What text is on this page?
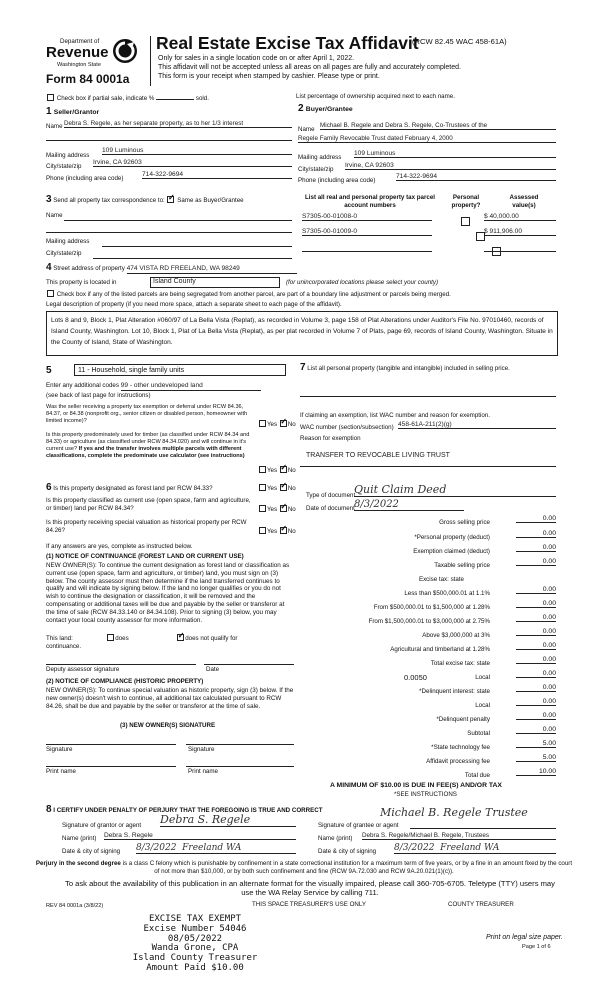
Department of
Revenue
Washington State
Form 84 0001a
Real Estate Excise Tax Affidavit
(RCW 82.45 WAC 458-61A)
Only for sales in a single location code on or after April 1, 2022.
This affidavit will not be accepted unless all areas on all pages are fully and accurately completed.
This form is your receipt when stamped by cashier. Please type or print.
Check box if partial sale, indicate %	sold.	List percentage of ownership acquired next to each name.
1 Seller/Grantor
Name Debra S. Regele, as her separate property, as to her 1/3 interest
Mailing address
109 Luminous
City/state/zip
Irvine, CA 92603
Phone (including area code)
714-322-9694
2 Buyer/Grantee
Name
Michael B. Regele and Debra S. Regele, Co-Trustees of the
Regele Family Revocable Trust dated February 4, 2000
Mailing address
109 Luminous
City/state/zip
Irvine, CA 92603
Phone (including area code)
714-322-9694
3 Send all property tax correspondence to: ✓ Same as Buyer/Grantee
Name
Mailing address
City/state/zip
List all real and personal property tax parcel account numbers
Personal property?
Assessed value(s)
S7305-00-01008-0
	$ 40,000.00
S7305-00-01009-0
	$ 911,906.00
4 Street address of property 474 VISTA RD FREELAND, WA 98249
This property is located in	Island County	(for unincorporated locations please select your county)
Check box if any of the listed parcels are being segregated from another parcel, are part of a boundary line adjustment or parcels being merged.
Legal description of property (if you need more space, attach a separate sheet to each page of the affidavit).
Lots 8 and 9, Block 1, Plat Alteration #060/97 of La Bella Vista (Replat), as recorded in Volume 3, page 158 of Plat Alterations under Auditor's File No. 97010460, records of Island County, Washington. Lot 10, Block 1, Plat of La Bella Vista (Replat), as per plat recorded in Volume 7 of Plats, page 69, records of Island County, Washington. Situate in the County of Island, State of Washington.
5	11 - Household, single family units
Enter any additional codes 99 - other undeveloped land
(see back of last page for instructions)
Was the seller receiving a property tax exemption or deferral under RCW 84.36, 84.37, or 84.38 (nonprofit org., senior citizen or disabled person, homeowner with limited income)?	Yes ✓ No
Is this property predominately used for timber (as classified under RCW 84.34 and 84.33) or agriculture (as classified under RCW 84.34.020) and will continue in it's current use? If yes and the transfer involves multiple parcels with different classifications, complete the predominate use calculator (see instructions)
Yes ✓ No
6 Is this property designated as forest land per RCW 84.33?	Yes ✓ No
Is this property classified as current use (open space, farm and agriculture, or timber) land per RCW 84.34?	Yes ✓ No
Is this property receiving special valuation as historical property per RCW 84.26?	Yes ✓ No
If any answers are yes, complete as instructed below.
(1) NOTICE OF CONTINUANCE (FOREST LAND OR CURRENT USE)
NEW OWNER(S): To continue the current designation as forest land or classification as current use (open space, farm and agriculture, or timber) land, you must sign on (3) below. The county assessor must then determine if the land transferred continues to qualify and will indicate by signing below. If the land no longer qualifies or you do not wish to continue the designation or classification, it will be removed and the compensating or additional taxes will be due and payable by the seller or transferor at the time of sale (RCW 84.33.140 or 84.34.108). Prior to signing (3) below, you may contact your local county assessor for more information.
This land:	does ✓	does not qualify for
continuance.
Deputy assessor signature	Date
(2) NOTICE OF COMPLIANCE (HISTORIC PROPERTY)
NEW OWNER(S): To continue special valuation as historic property, sign (3) below. If the new owner(s) doesn't wish to continue, all additional tax calculated pursuant to RCW 84.26, shall be due and payable by the seller or transferor at the time of sale.
(3) NEW OWNER(S) SIGNATURE
Signature	Signature
Print name	Print name
7 List all personal property (tangible and intangible) included in selling price.
If claiming an exemption, list WAC number and reason for exemption.
WAC number (section/subsection) 458-61A-211(2)(g)
Reason for exemption
TRANSFER TO REVOCABLE LIVING TRUST
Type of document
Quit Claim Deed
Date of document 8/3/2022
Gross selling price
0.00
*Personal property (deduct)
0.00
Exemption claimed (deduct)
0.00
Taxable selling price
0.00
Excise tax: state
Less than $500,000.01 at 1.1%
0.00
From $500,000.01 to $1,500,000 at 1.28%
0.00
From $1,500,000.01 to $3,000,000 at 2.75%
0.00
Above $3,000,000 at 3%
0.00
Agricultural and timberland at 1.28%
0.00
Total excise tax: state
0.00
0.0050	Local
0.00
*Delinquent interest: state
0.00
Local
0.00
*Delinquent penalty
0.00
Subtotal
0.00
*State technology fee
5.00
Affidavit processing fee
5.00
Total due
10.00
A MINIMUM OF $10.00 IS DUE IN FEE(S) AND/OR TAX
*SEE INSTRUCTIONS
8 I CERTIFY UNDER PENALTY OF PERJURY THAT THE FOREGOING IS TRUE AND CORRECT
Signature of grantor or agent Debra S. Regele
Name (print) Debra S. Regele
Date & city of signing 8/3/2022 Freeland WA
Michael B. Regele Trustee
Signature of grantee or agent
Name (print) Debra S. Regele/Michael B. Regele, Trustees
Date & city of signing 8/3/2022 Freeland WA
Perjury in the second degree is a class C felony which is punishable by confinement in a state correctional institution for a maximum term of five years, or by a fine in an amount fixed by the court of not more than $10,000, or by both such confinement and fine (RCW 9A.72.030 and RCW 9A.20.021(1)(c)).
To ask about the availability of this publication in an alternate format for the visually impaired, please call 360-705-6705. Teletype (TTY) users may use the WA Relay Service by calling 711.
REV 84 0001a (3/8/22)	THIS SPACE TREASURER'S USE ONLY	COUNTY TREASURER
EXCISE TAX EXEMPT
Excise Number 54046
08/05/2022
Wanda Grone, CPA
Island County Treasurer
Amount Paid $10.00
Print on legal size paper.
Page 1 of 6
